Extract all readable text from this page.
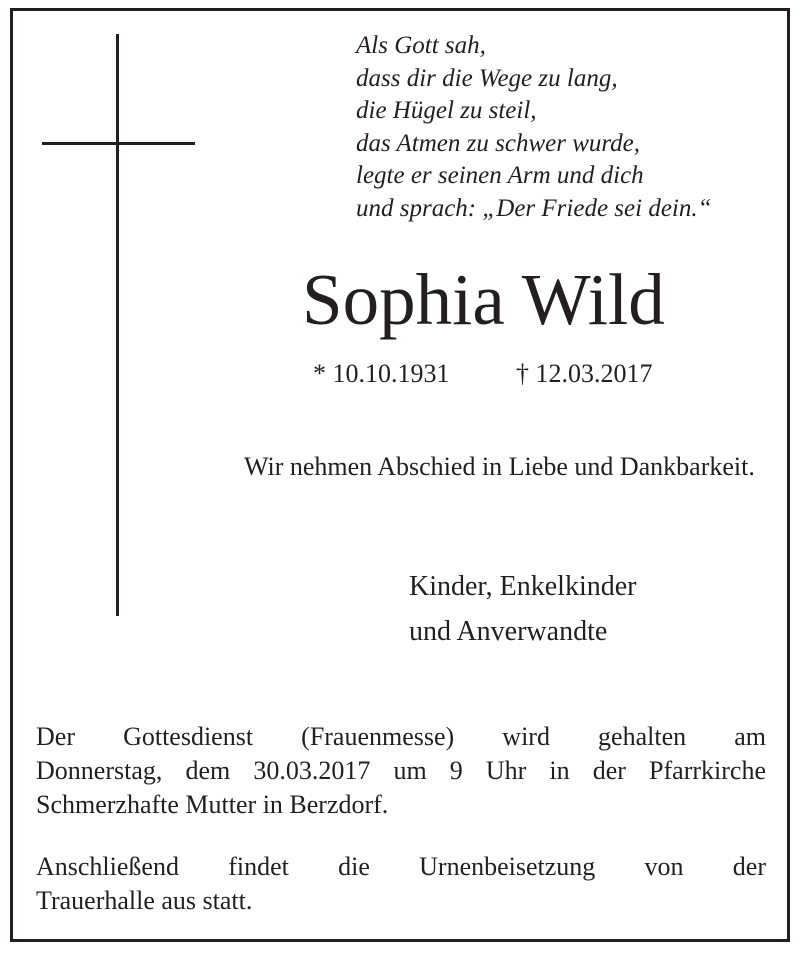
Als Gott sah,
dass dir die Wege zu lang,
die Hügel zu steil,
das Atmen zu schwer wurde,
legte er seinen Arm und dich
und sprach: „Der Friede sei dein.“

Sophia Wild
* 10.10.1931	† 12.03.2017

Wir nehmen Abschied in Liebe und Dankbarkeit.

Kinder, Enkelkinder
und Anverwandte

Der Gottesdienst (Frauenmesse) wird gehalten am
Donnerstag, dem 30.03.2017 um 9 Uhr in der Pfarrkirche
Schmerzhafte Mutter in Berzdorf.

Anschließend findet die Urnenbeisetzung von der
Trauerhalle aus statt.
